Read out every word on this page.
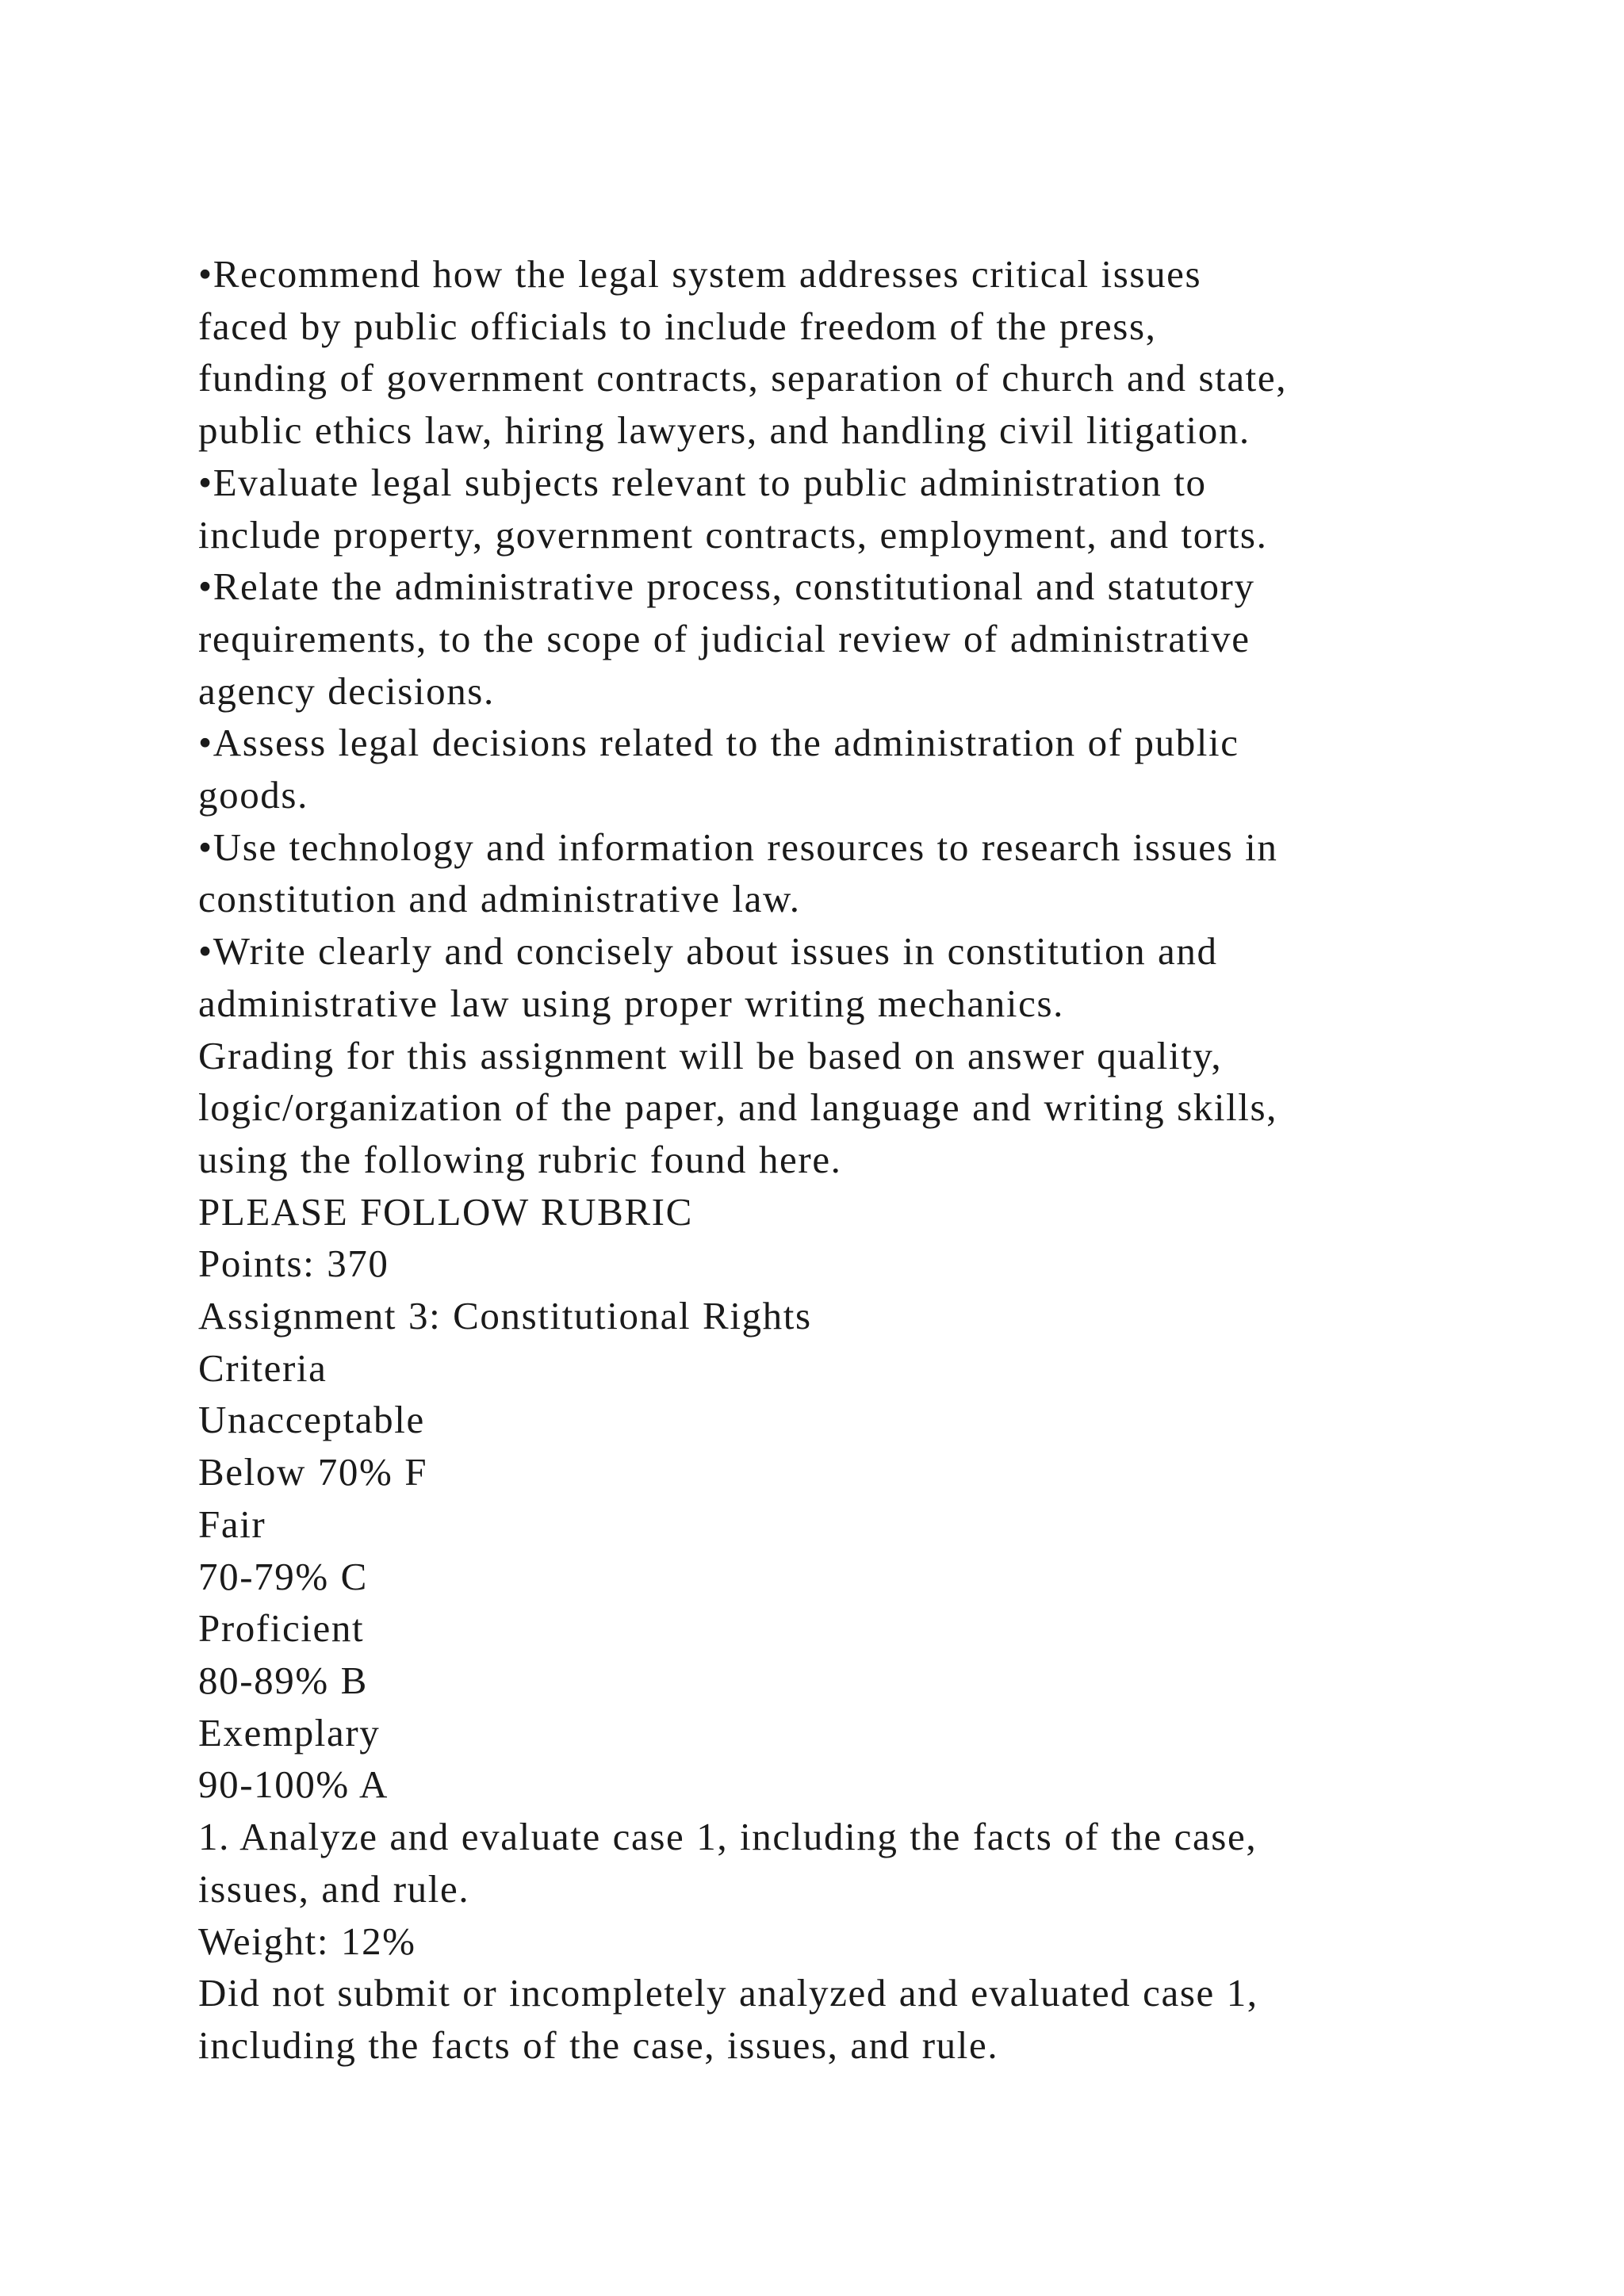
•Recommend how the legal system addresses critical issues

faced by public officials to include freedom of the press,

funding of government contracts, separation of church and state,

public ethics law, hiring lawyers, and handling civil litigation.

•Evaluate legal subjects relevant to public administration to

include property, government contracts, employment, and torts.

•Relate the administrative process, constitutional and statutory

requirements, to the scope of judicial review of administrative

agency decisions.

•Assess legal decisions related to the administration of public

goods.

•Use technology and information resources to research issues in

constitution and administrative law.

•Write clearly and concisely about issues in constitution and

administrative law using proper writing mechanics.

Grading for this assignment will be based on answer quality,

logic/organization of the paper, and language and writing skills,

using the following rubric found here.

PLEASE FOLLOW RUBRIC

Points: 370

Assignment 3: Constitutional Rights

Criteria

Unacceptable

Below 70% F

Fair

70-79% C

Proficient

80-89% B

Exemplary

90-100% A

1. Analyze and evaluate case 1, including the facts of the case,

issues, and rule.

Weight: 12%

Did not submit or incompletely analyzed and evaluated case 1,

including the facts of the case, issues, and rule.
